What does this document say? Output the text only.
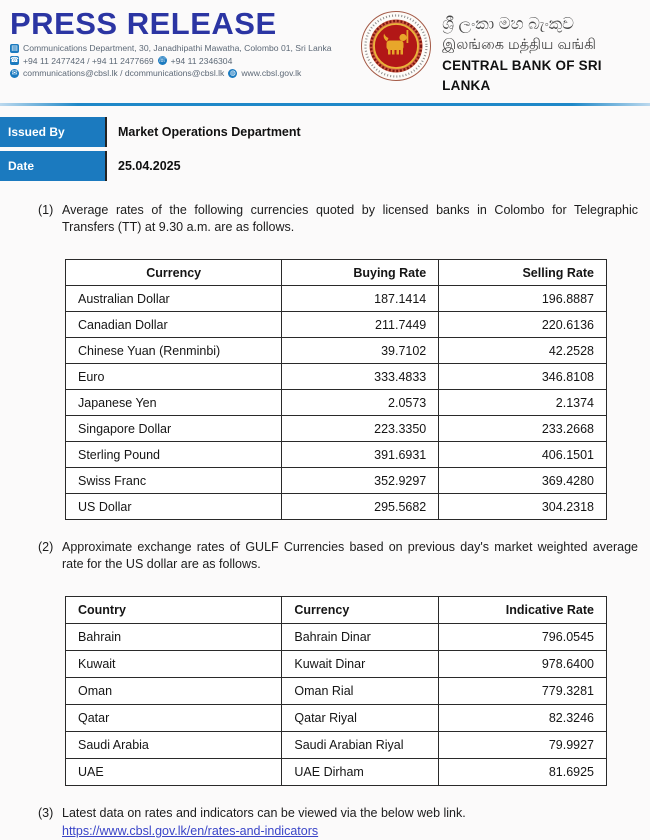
PRESS RELEASE
▤ Communications Department, 30, Janadhipathi Mawatha, Colombo 01, Sri Lanka
☎ +94 11 2477424 / +94 11 2477669 ☏ +94 11 2346304
✉ communications@cbsl.lk / dcommunications@cbsl.lk ◍ www.cbsl.gov.lk
ශ්‍රී ලංකා මහ බැංකුව
இலங்கை மத்திய வங்கி
CENTRAL BANK OF SRI LANKA
Issued By	Market Operations Department
Date	25.04.2025
(1) Average rates of the following currencies quoted by licensed banks in Colombo for Telegraphic Transfers (TT) at 9.30 a.m. are as follows.
Currency	Buying Rate	Selling Rate
Australian Dollar	187.1414	196.8887
Canadian Dollar	211.7449	220.6136
Chinese Yuan (Renminbi)	39.7102	42.2528
Euro	333.4833	346.8108
Japanese Yen	2.0573	2.1374
Singapore Dollar	223.3350	233.2668
Sterling Pound	391.6931	406.1501
Swiss Franc	352.9297	369.4280
US Dollar	295.5682	304.2318
(2) Approximate exchange rates of GULF Currencies based on previous day's market weighted average rate for the US dollar are as follows.
Country	Currency	Indicative Rate
Bahrain	Bahrain Dinar	796.0545
Kuwait	Kuwait Dinar	978.6400
Oman	Oman Rial	779.3281
Qatar	Qatar Riyal	82.3246
Saudi Arabia	Saudi Arabian Riyal	79.9927
UAE	UAE Dirham	81.6925
(3) Latest data on rates and indicators can be viewed via the below web link.
https://www.cbsl.gov.lk/en/rates-and-indicators
